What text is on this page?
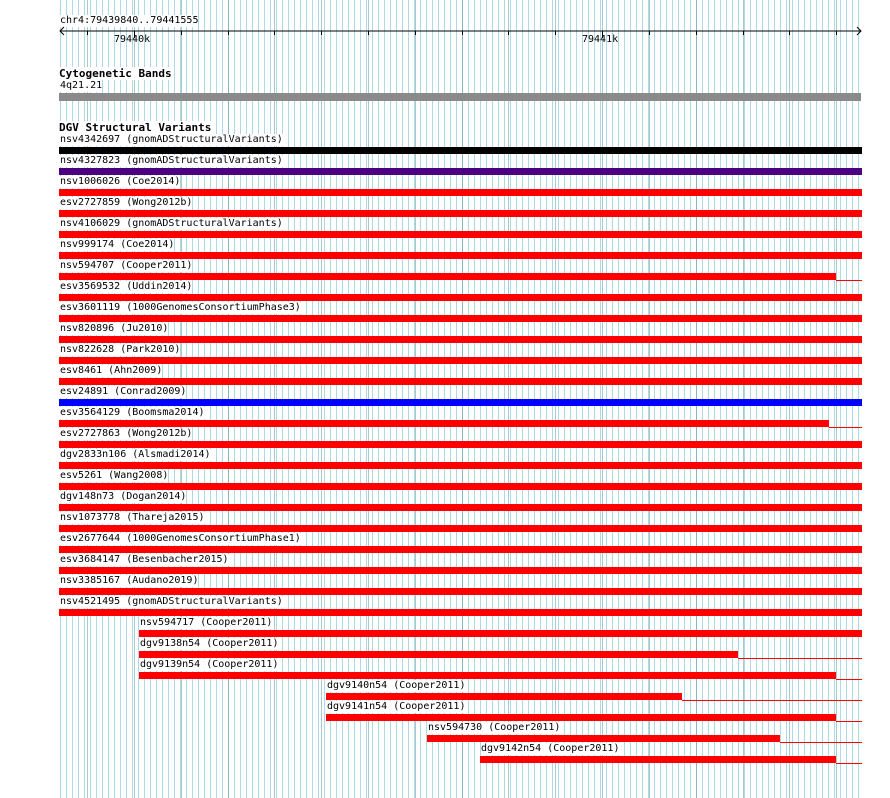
chr4:79439840..79441555
79440k	79441k
Cytogenetic Bands
4q21.21
DGV Structural Variants
nsv4342697 (gnomADStructuralVariants)
nsv4327823 (gnomADStructuralVariants)
nsv1006026 (Coe2014)
esv2727859 (Wong2012b)
nsv4106029 (gnomADStructuralVariants)
nsv999174 (Coe2014)
nsv594707 (Cooper2011)
esv3569532 (Uddin2014)
esv3601119 (1000GenomesConsortiumPhase3)
nsv820896 (Ju2010)
nsv822628 (Park2010)
esv8461 (Ahn2009)
esv24891 (Conrad2009)
esv3564129 (Boomsma2014)
esv2727863 (Wong2012b)
dgv2833n106 (Alsmadi2014)
esv5261 (Wang2008)
dgv148n73 (Dogan2014)
nsv1073778 (Thareja2015)
esv2677644 (1000GenomesConsortiumPhase1)
esv3684147 (Besenbacher2015)
nsv3385167 (Audano2019)
nsv4521495 (gnomADStructuralVariants)
nsv594717 (Cooper2011)
dgv9138n54 (Cooper2011)
dgv9139n54 (Cooper2011)
dgv9140n54 (Cooper2011)
dgv9141n54 (Cooper2011)
nsv594730 (Cooper2011)
dgv9142n54 (Cooper2011)
